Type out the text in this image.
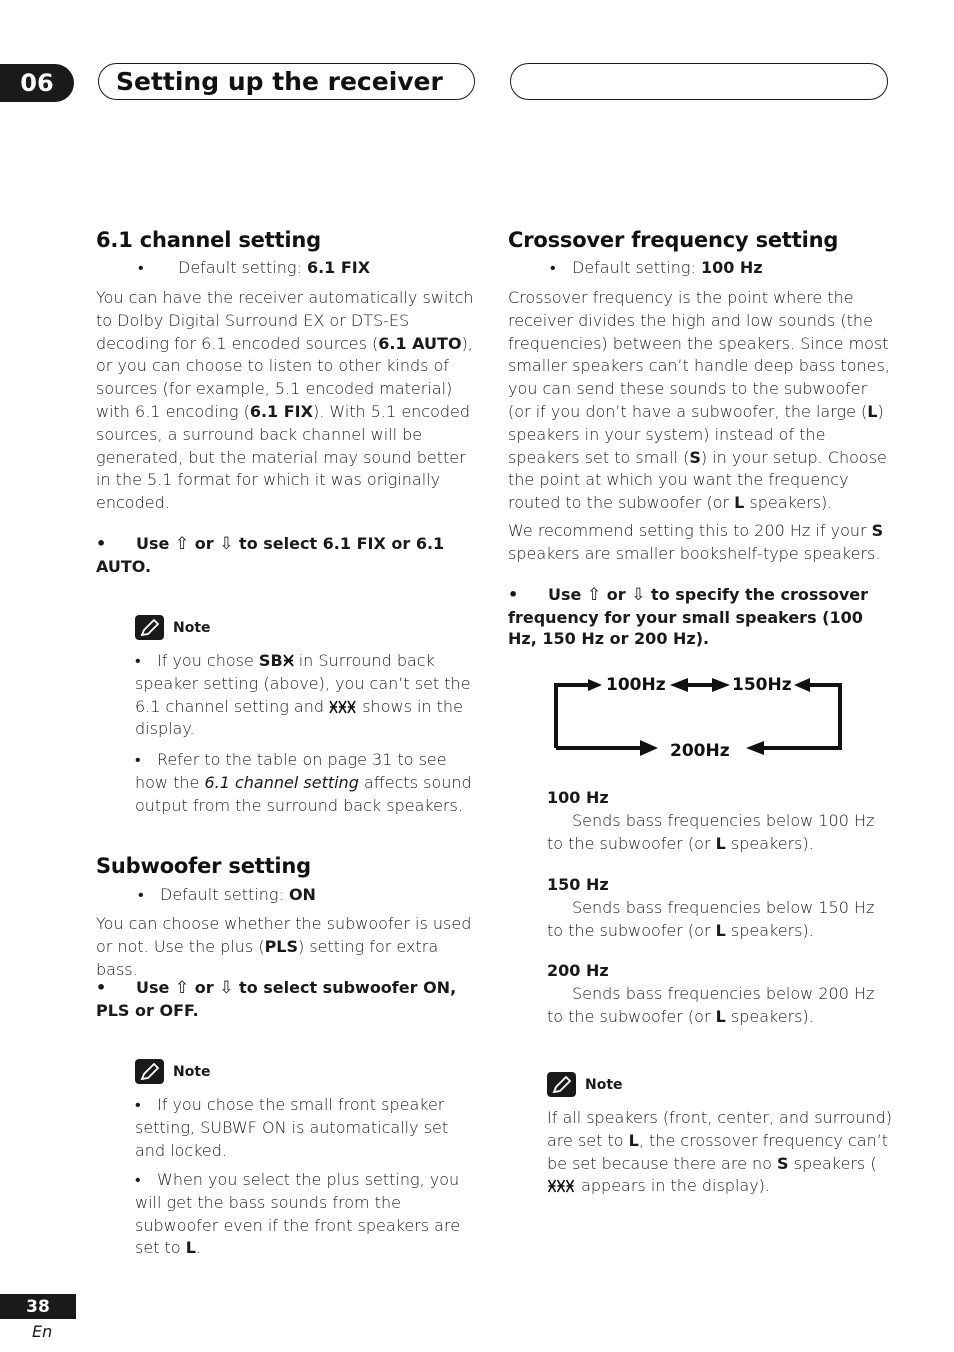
06 Setting up the receiver
6.1 channel setting

• Default setting: 6.1 FIX

You can have the receiver automatically switch to Dolby Digital Surround EX or DTS-ES decoding for 6.1 encoded sources (6.1 AUTO), or you can choose to listen to other kinds of sources (for example, 5.1 encoded material) with 6.1 encoding (6.1 FIX). With 5.1 encoded sources, a surround back channel will be generated, but the material may sound better in the 5.1 format for which it was originally encoded.

• Use ⇧ or ⇩ to select 6.1 FIX or 6.1 AUTO.

Note

• If you chose SB in Surround back speaker setting (above), you can’t set the 6.1 channel setting and  shows in the display.

• Refer to the table on page 31 to see how the 6.1 channel setting affects sound output from the surround back speakers.

Subwoofer setting

• Default setting: ON

You can choose whether the subwoofer is used or not. Use the plus (PLS) setting for extra bass.

• Use ⇧ or ⇩ to select subwoofer ON, PLS or OFF.

Note

• If you chose the small front speaker setting, SUBWF ON is automatically set and locked.

• When you select the plus setting, you will get the bass sounds from the subwoofer even if the front speakers are set to L.

Crossover frequency setting

• Default setting: 100 Hz

Crossover frequency is the point where the receiver divides the high and low sounds (the frequencies) between the speakers. Since most smaller speakers can’t handle deep bass tones, you can send these sounds to the subwoofer (or if you don’t have a subwoofer, the large (L) speakers in your system) instead of the speakers set to small (S) in your setup. Choose the point at which you want the frequency routed to the subwoofer (or L speakers).

We recommend setting this to 200 Hz if your S speakers are smaller bookshelf-type speakers.

• Use ⇧ or ⇩ to specify the crossover frequency for your small speakers (100 Hz, 150 Hz or 200 Hz).

100Hz	150Hz
200Hz

100 Hz

Sends bass frequencies below 100 Hz to the subwoofer (or L speakers).

150 Hz

Sends bass frequencies below 150 Hz to the subwoofer (or L speakers).

200 Hz

Sends bass frequencies below 200 Hz to the subwoofer (or L speakers).

Note

If all speakers (front, center, and surround) are set to L, the crossover frequency can’t be set because there are no S speakers ( appears in the display).

38
En
